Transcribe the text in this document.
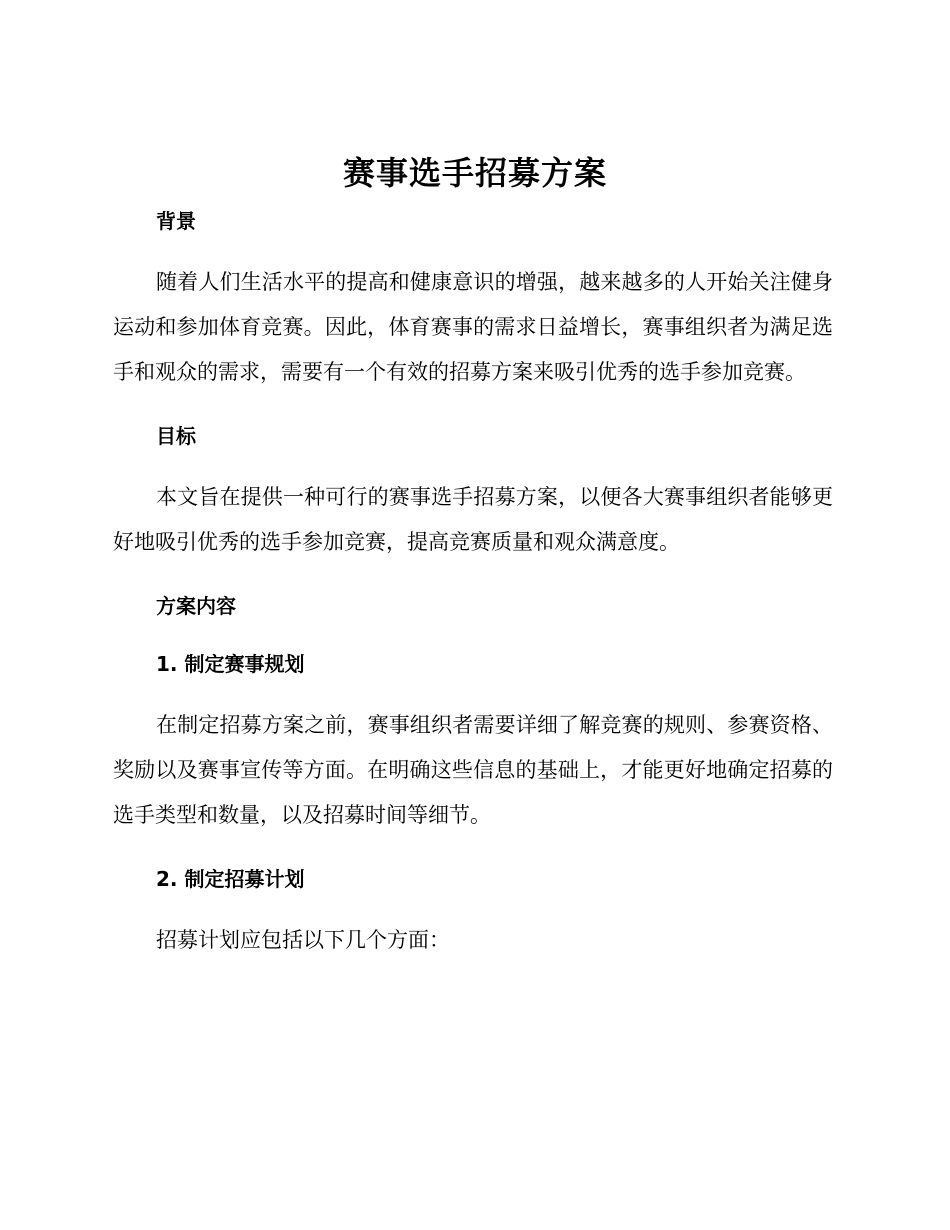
赛事选手招募方案

背景

随着人们生活水平的提高和健康意识的增强，越来越多的人开始关注健身运动和参加体育竞赛。因此，体育赛事的需求日益增长，赛事组织者为满足选手和观众的需求，需要有一个有效的招募方案来吸引优秀的选手参加竞赛。

目标

本文旨在提供一种可行的赛事选手招募方案，以便各大赛事组织者能够更好地吸引优秀的选手参加竞赛，提高竞赛质量和观众满意度。

方案内容

1. 制定赛事规划

在制定招募方案之前，赛事组织者需要详细了解竞赛的规则、参赛资格、奖励以及赛事宣传等方面。在明确这些信息的基础上，才能更好地确定招募的选手类型和数量，以及招募时间等细节。

2. 制定招募计划

招募计划应包括以下几个方面：
